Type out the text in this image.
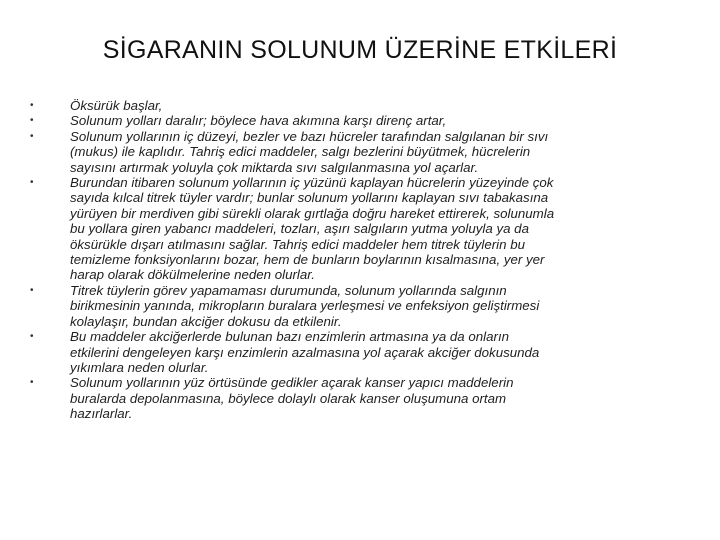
SİGARANIN SOLUNUM ÜZERİNE ETKİLERİ
•	Öksürük başlar,
•	Solunum yolları daralır; böylece hava akımına karşı direnç artar,
•	Solunum yollarının iç düzeyi, bezler ve bazı hücreler tarafından salgılanan bir sıvı
(mukus) ile kaplıdır. Tahriş edici maddeler, salgı bezlerini büyütmek, hücrelerin
sayısını artırmak yoluyla çok miktarda sıvı salgılanmasına yol açarlar.
•	Burundan itibaren solunum yollarının iç yüzünü kaplayan hücrelerin yüzeyinde çok
sayıda kılcal titrek tüyler vardır; bunlar solunum yollarını kaplayan sıvı tabakasına
yürüyen bir merdiven gibi sürekli olarak gırtlağa doğru hareket ettirerek, solunumla
bu yollara giren yabancı maddeleri, tozları, aşırı salgıların yutma yoluyla ya da
öksürükle dışarı atılmasını sağlar. Tahriş edici maddeler hem titrek tüylerin bu
temizleme fonksiyonlarını bozar, hem de bunların boylarının kısalmasına, yer yer
harap olarak dökülmelerine neden olurlar.
•	Titrek tüylerin görev yapamaması durumunda, solunum yollarında salgının
birikmesinin yanında, mikropların buralara yerleşmesi ve enfeksiyon geliştirmesi
kolaylaşır, bundan akciğer dokusu da etkilenir.
•	Bu maddeler akciğerlerde bulunan bazı enzimlerin artmasına ya da onların
etkilerini dengeleyen karşı enzimlerin azalmasına yol açarak akciğer dokusunda
yıkımlara neden olurlar.
•	Solunum yollarının yüz örtüsünde gedikler açarak kanser yapıcı maddelerin
buralarda depolanmasına, böylece dolaylı olarak kanser oluşumuna ortam
hazırlarlar.
